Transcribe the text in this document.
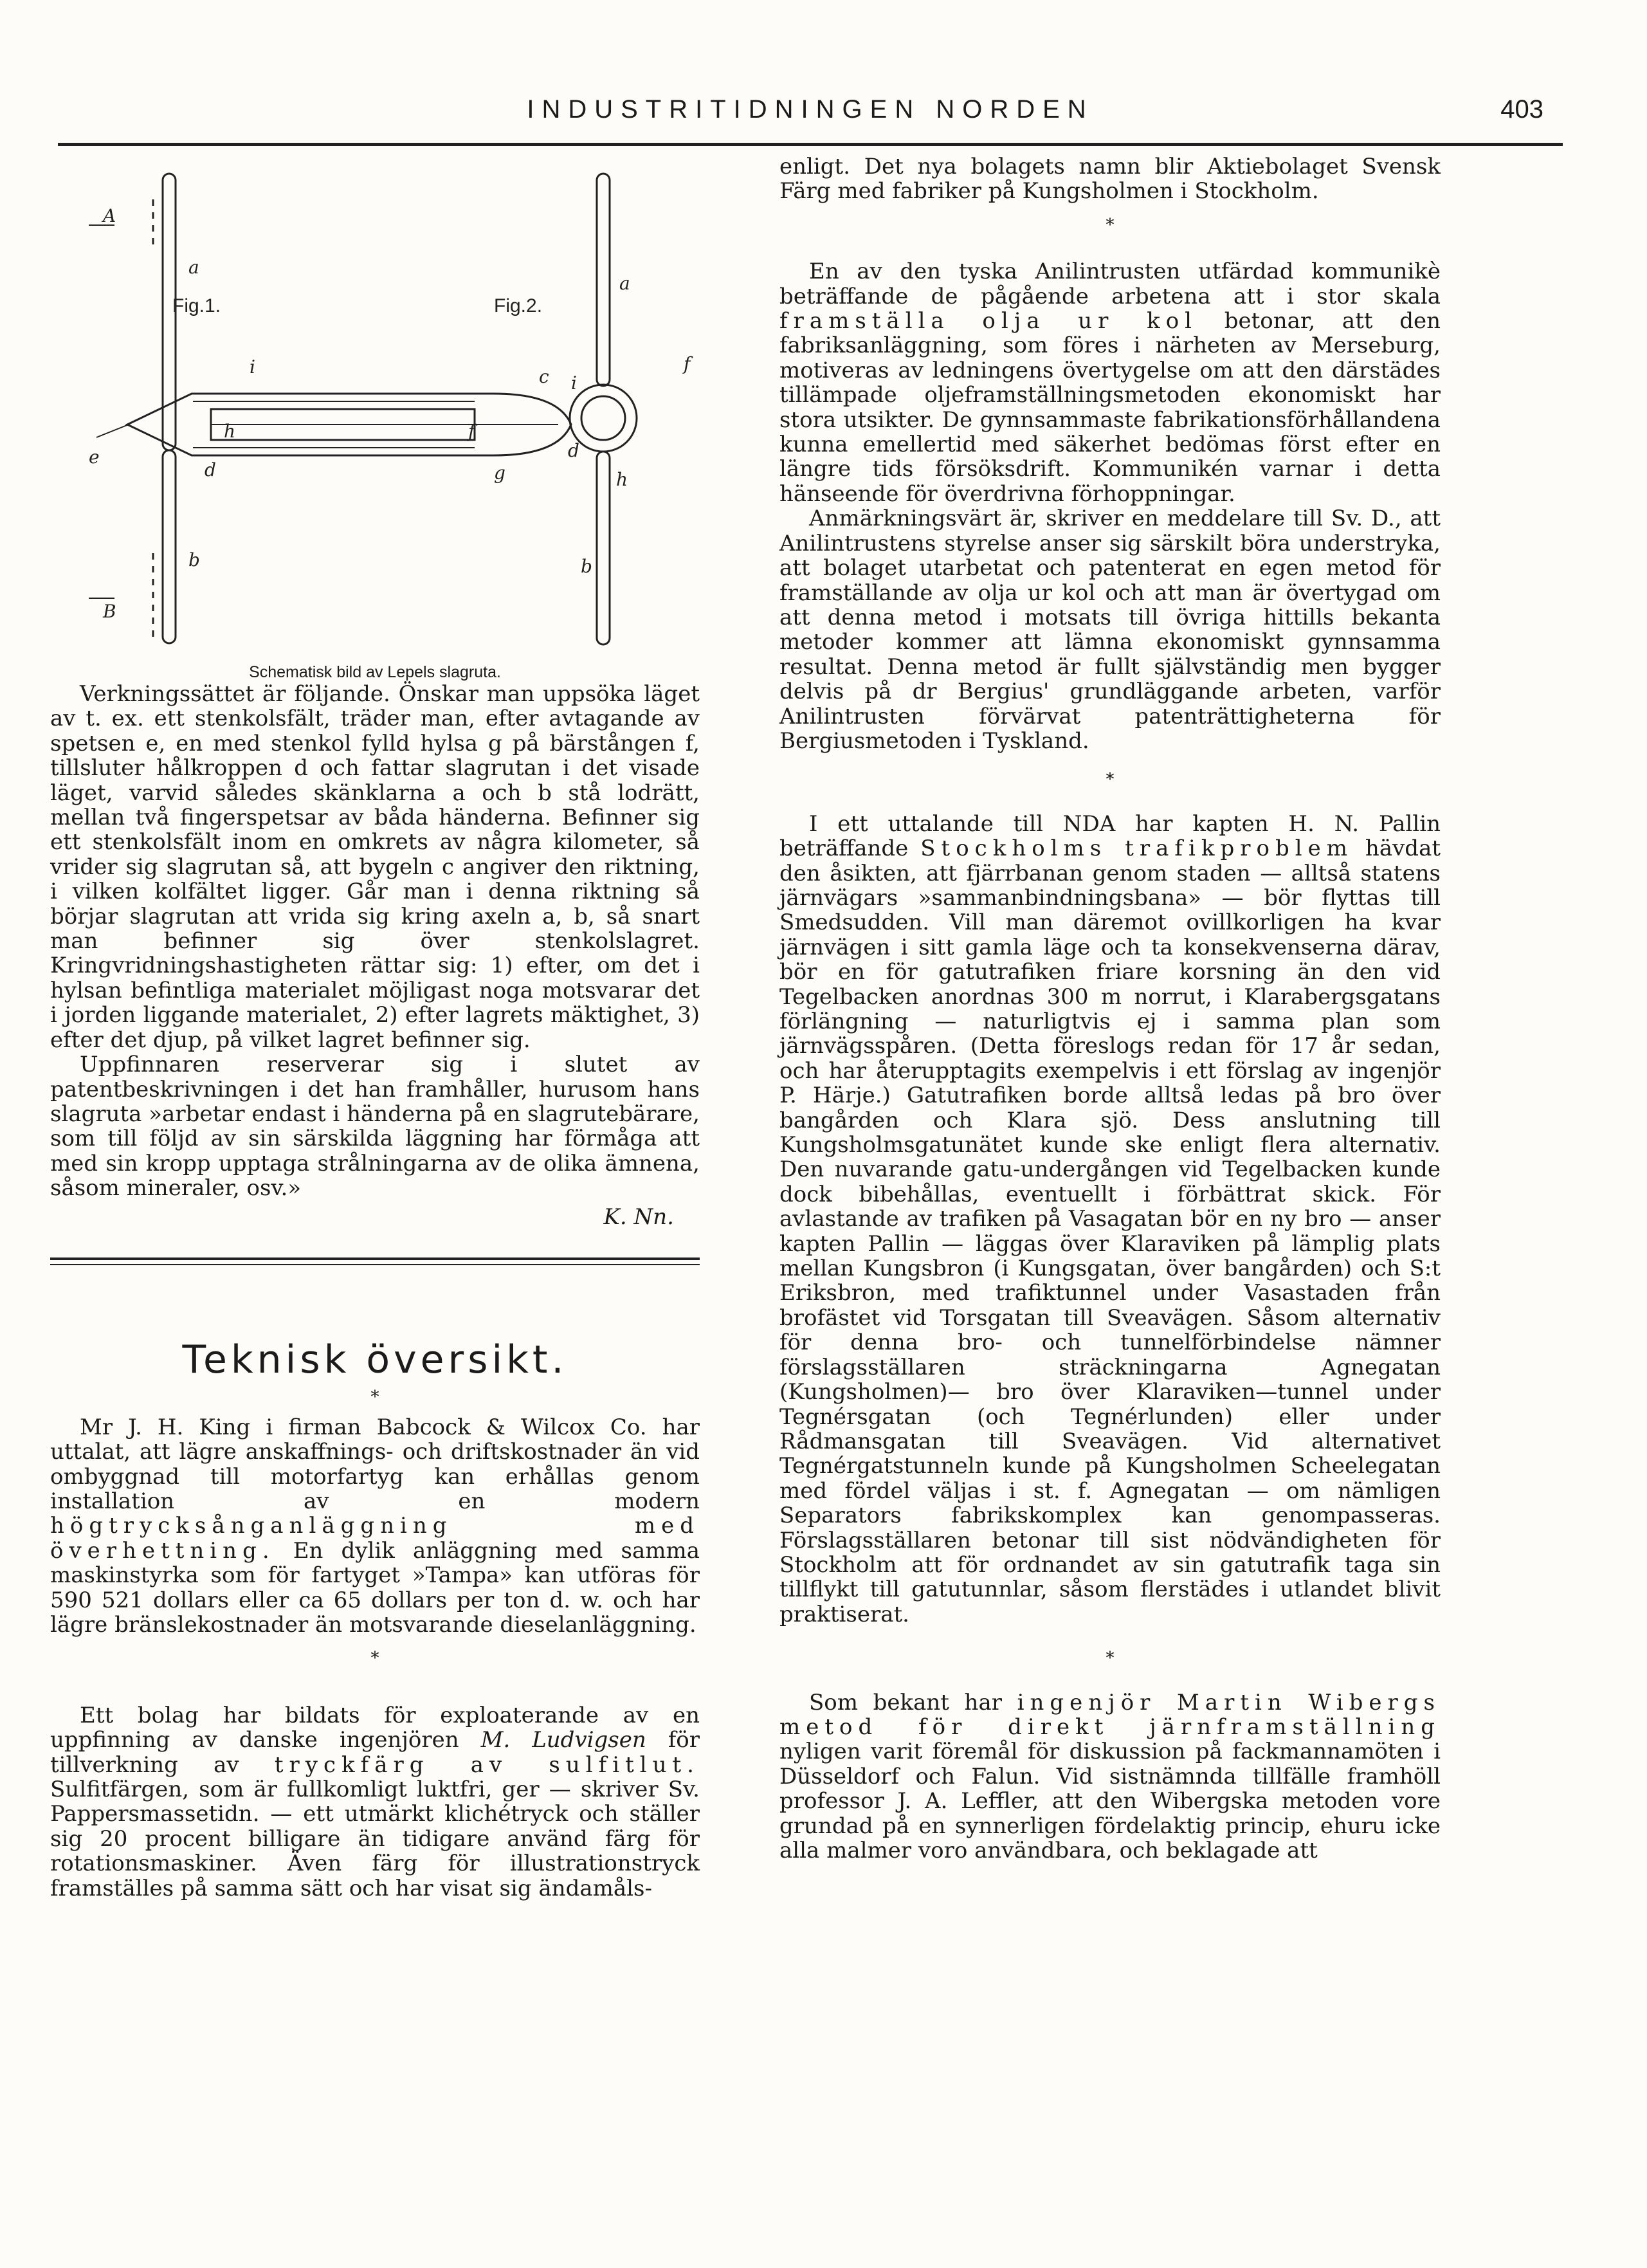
INDUSTRITIDNINGEN NORDEN	403
A
B
a
b
c
d
e
f
g
h
i
a
f
i
d
h
b
Fig.1.	Fig.2.
Schematisk bild av Lepels slagruta.

Verkningssättet är följande. Önskar man uppsöka läget av t. ex. ett stenkolsfält, träder man, efter avtagande av spetsen e, en med stenkol fylld hylsa g på bärstången f, tillsluter hålkroppen d och fattar slagrutan i det visade läget, varvid således skänklarna a och b stå lodrätt, mellan två fingerspetsar av båda händerna. Befinner sig ett stenkolsfält inom en omkrets av några kilometer, så vrider sig slagrutan så, att bygeln c angiver den riktning, i vilken kolfältet ligger. Går man i denna riktning så börjar slagrutan att vrida sig kring axeln a, b, så snart man befinner sig över stenkolslagret. Kringvridningshastigheten rättar sig: 1) efter, om det i hylsan befintliga materialet möjligast noga motsvarar det i jorden liggande materialet, 2) efter lagrets mäktighet, 3) efter det djup, på vilket lagret befinner sig.

Uppfinnaren reserverar sig i slutet av patentbeskrivningen i det han framhåller, hurusom hans slagruta »arbetar endast i händerna på en slagrutebärare, som till följd av sin särskilda läggning har förmåga att med sin kropp upptaga strålningarna av de olika ämnena, såsom mineraler, osv.»

K. Nn.
Teknisk översikt.
*

Mr J. H. King i firman Babcock & Wilcox Co. har uttalat, att lägre anskaffnings- och driftskostnader än vid ombyggnad till motorfartyg kan erhållas genom installation av en modern högtrycksånganläggning med överhettning. En dylik anläggning med samma maskinstyrka som för fartyget »Tampa» kan utföras för 590 521 dollars eller ca 65 dollars per ton d. w. och har lägre bränslekostnader än motsvarande dieselanläggning.

*

Ett bolag har bildats för exploaterande av en uppfinning av danske ingenjören M. Ludvigsen för tillverkning av tryckfärg av sulfitlut. Sulfitfärgen, som är fullkomligt luktfri, ger — skriver Sv. Pappersmassetidn. — ett utmärkt klichétryck och ställer sig 20 procent billigare än tidigare använd färg för rotationsmaskiner. Även färg för illustrationstryck framställes på samma sätt och har visat sig ändamåls-

enligt. Det nya bolagets namn blir Aktiebolaget Svensk Färg med fabriker på Kungsholmen i Stockholm.

*

En av den tyska Anilintrusten utfärdad kommunikè beträffande de pågående arbetena att i stor skala framställa olja ur kol betonar, att den fabriksanläggning, som föres i närheten av Merseburg, motiveras av ledningens övertygelse om att den därstädes tillämpade oljeframställningsmetoden ekonomiskt har stora utsikter. De gynnsammaste fabrikationsförhållandena kunna emellertid med säkerhet bedömas först efter en längre tids försöksdrift. Kommunikén varnar i detta hänseende för överdrivna förhoppningar.

Anmärkningsvärt är, skriver en meddelare till Sv. D., att Anilintrustens styrelse anser sig särskilt böra understryka, att bolaget utarbetat och patenterat en egen metod för framställande av olja ur kol och att man är övertygad om att denna metod i motsats till övriga hittills bekanta metoder kommer att lämna ekonomiskt gynnsamma resultat. Denna metod är fullt självständig men bygger delvis på dr Bergius' grundläggande arbeten, varför Anilintrusten förvärvat patenträttigheterna för Bergiusmetoden i Tyskland.

*

I ett uttalande till NDA har kapten H. N. Pallin beträffande Stockholms trafikproblem hävdat den åsikten, att fjärrbanan genom staden — alltså statens järnvägars »sammanbindningsbana» — bör flyttas till Smedsudden. Vill man däremot ovillkorligen ha kvar järnvägen i sitt gamla läge och ta konsekvenserna därav, bör en för gatutrafiken friare korsning än den vid Tegelbacken anordnas 300 m norrut, i Klarabergsgatans förlängning — naturligtvis ej i samma plan som järnvägsspåren. (Detta föreslogs redan för 17 år sedan, och har återupptagits exempelvis i ett förslag av ingenjör P. Härje.) Gatutrafiken borde alltså ledas på bro över bangården och Klara sjö. Dess anslutning till Kungsholmsgatunätet kunde ske enligt flera alternativ. Den nuvarande gatu-undergången vid Tegelbacken kunde dock bibehållas, eventuellt i förbättrat skick. För avlastande av trafiken på Vasagatan bör en ny bro — anser kapten Pallin — läggas över Klaraviken på lämplig plats mellan Kungsbron (i Kungsgatan, över bangården) och S:t Eriksbron, med trafiktunnel under Vasastaden från brofästet vid Torsgatan till Sveavägen. Såsom alternativ för denna bro- och tunnelförbindelse nämner förslagsställaren sträckningarna Agnegatan (Kungsholmen)— bro över Klaraviken—tunnel under Tegnérsgatan (och Tegnérlunden) eller under Rådmansgatan till Sveavägen. Vid alternativet Tegnérgatstunneln kunde på Kungsholmen Scheelegatan med fördel väljas i st. f. Agnegatan — om nämligen Separators fabrikskomplex kan genompasseras. Förslagsställaren betonar till sist nödvändigheten för Stockholm att för ordnandet av sin gatutrafik taga sin tillflykt till gatutunnlar, såsom flerstädes i utlandet blivit praktiserat.

*

Som bekant har ingenjör Martin Wibergs metod för direkt järnframställning nyligen varit föremål för diskussion på fackmannamöten i Düsseldorf och Falun. Vid sistnämnda tillfälle framhöll professor J. A. Leffler, att den Wibergska metoden vore grundad på en synnerligen fördelaktig princip, ehuru icke alla malmer voro användbara, och beklagade att
